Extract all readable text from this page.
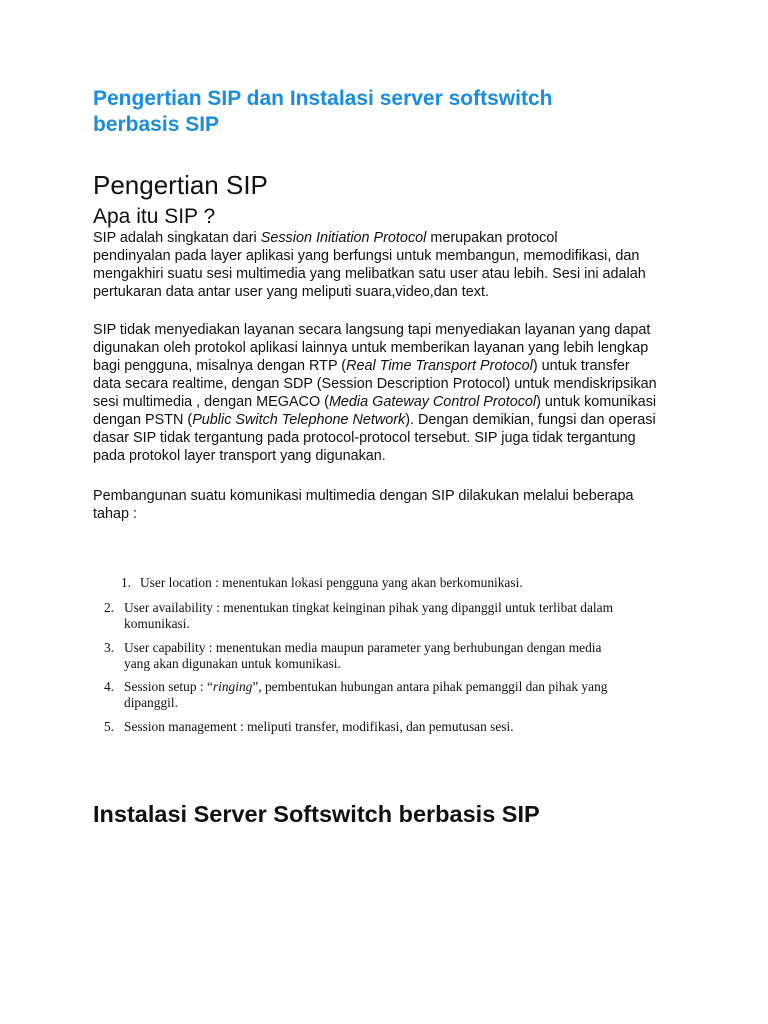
Pengertian SIP dan Instalasi server softswitch
berbasis SIP
Pengertian SIP
Apa itu SIP ?
SIP adalah singkatan dari Session Initiation Protocol merupakan protocol
pendinyalan pada layer aplikasi yang berfungsi untuk membangun, memodifikasi, dan
mengakhiri suatu sesi multimedia yang melibatkan satu user atau lebih. Sesi ini adalah
pertukaran data antar user yang meliputi suara,video,dan text.
SIP tidak menyediakan layanan secara langsung tapi menyediakan layanan yang dapat
digunakan oleh protokol aplikasi lainnya untuk memberikan layanan yang lebih lengkap
bagi pengguna, misalnya dengan RTP (Real Time Transport Protocol) untuk transfer
data secara realtime, dengan SDP (Session Description Protocol) untuk mendiskripsikan
sesi multimedia , dengan MEGACO (Media Gateway Control Protocol) untuk komunikasi
dengan PSTN (Public Switch Telephone Network). Dengan demikian, fungsi dan operasi
dasar SIP tidak tergantung pada protocol-protocol tersebut. SIP juga tidak tergantung
pada protokol layer transport yang digunakan.
Pembangunan suatu komunikasi multimedia dengan SIP dilakukan melalui beberapa
tahap :
1. User location : menentukan lokasi pengguna yang akan berkomunikasi.
2. User availability : menentukan tingkat keinginan pihak yang dipanggil untuk terlibat dalam
komunikasi.
3. User capability : menentukan media maupun parameter yang berhubungan dengan media
yang akan digunakan untuk komunikasi.
4. Session setup : “ringing”, pembentukan hubungan antara pihak pemanggil dan pihak yang
dipanggil.
5. Session management : meliputi transfer, modifikasi, dan pemutusan sesi.
Instalasi Server Softswitch berbasis SIP
